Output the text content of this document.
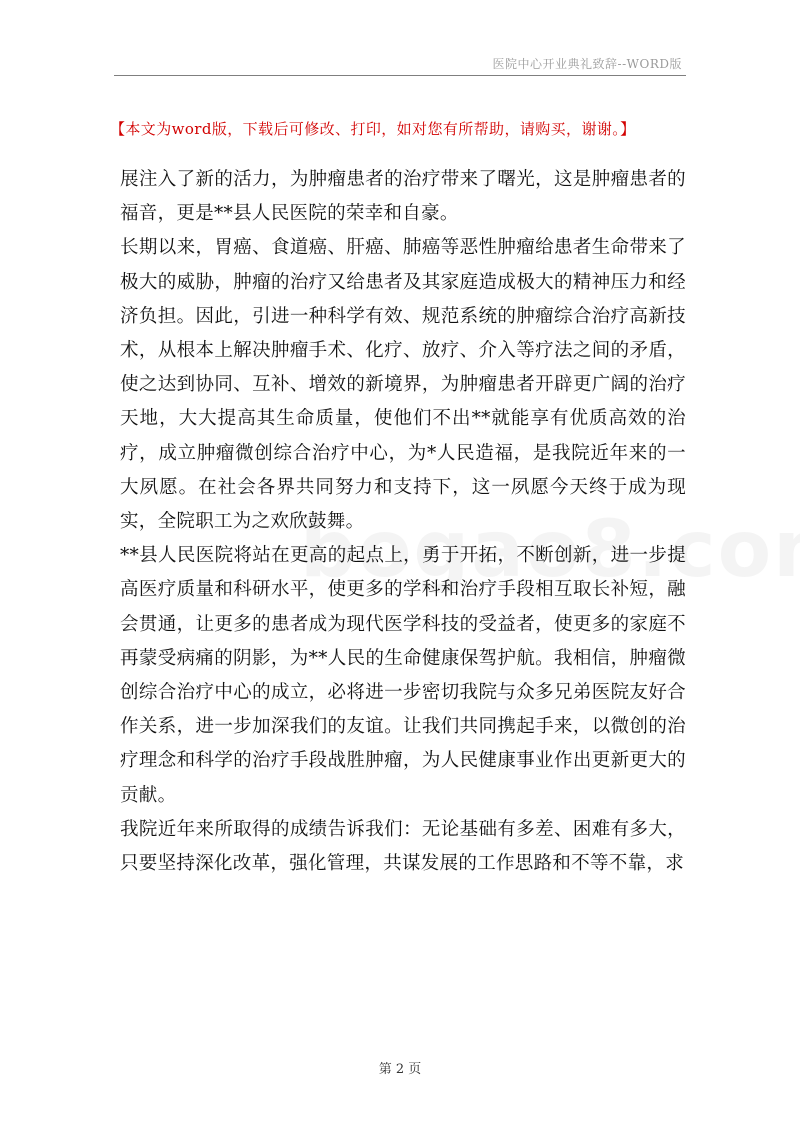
医院中心开业典礼致辞--WORD版
【本文为word版，下载后可修改、打印，如对您有所帮助，请购买，谢谢。】

展注入了新的活力，为肿瘤患者的治疗带来了曙光，这是肿瘤患者的福音，更是**县人民医院的荣幸和自豪。

长期以来，胃癌、食道癌、肝癌、肺癌等恶性肿瘤给患者生命带来了极大的威胁，肿瘤的治疗又给患者及其家庭造成极大的精神压力和经济负担。因此，引进一种科学有效、规范系统的肿瘤综合治疗高新技术，从根本上解决肿瘤手术、化疗、放疗、介入等疗法之间的矛盾，使之达到协同、互补、增效的新境界，为肿瘤患者开辟更广阔的治疗天地，大大提高其生命质量，使他们不出**就能享有优质高效的治疗，成立肿瘤微创综合治疗中心，为*人民造福，是我院近年来的一大夙愿。在社会各界共同努力和支持下，这一夙愿今天终于成为现实，全院职工为之欢欣鼓舞。

**县人民医院将站在更高的起点上，勇于开拓，不断创新，进一步提高医疗质量和科研水平，使更多的学科和治疗手段相互取长补短，融会贯通，让更多的患者成为现代医学科技的受益者，使更多的家庭不再蒙受病痛的阴影，为**人民的生命健康保驾护航。我相信，肿瘤微创综合治疗中心的成立，必将进一步密切我院与众多兄弟医院友好合作关系，进一步加深我们的友谊。让我们共同携起手来，以微创的治疗理念和科学的治疗手段战胜肿瘤，为人民健康事业作出更新更大的贡献。

我院近年来所取得的成绩告诉我们：无论基础有多差、困难有多大，只要坚持深化改革，强化管理，共谋发展的工作思路和不等不靠，求

第 2 页
